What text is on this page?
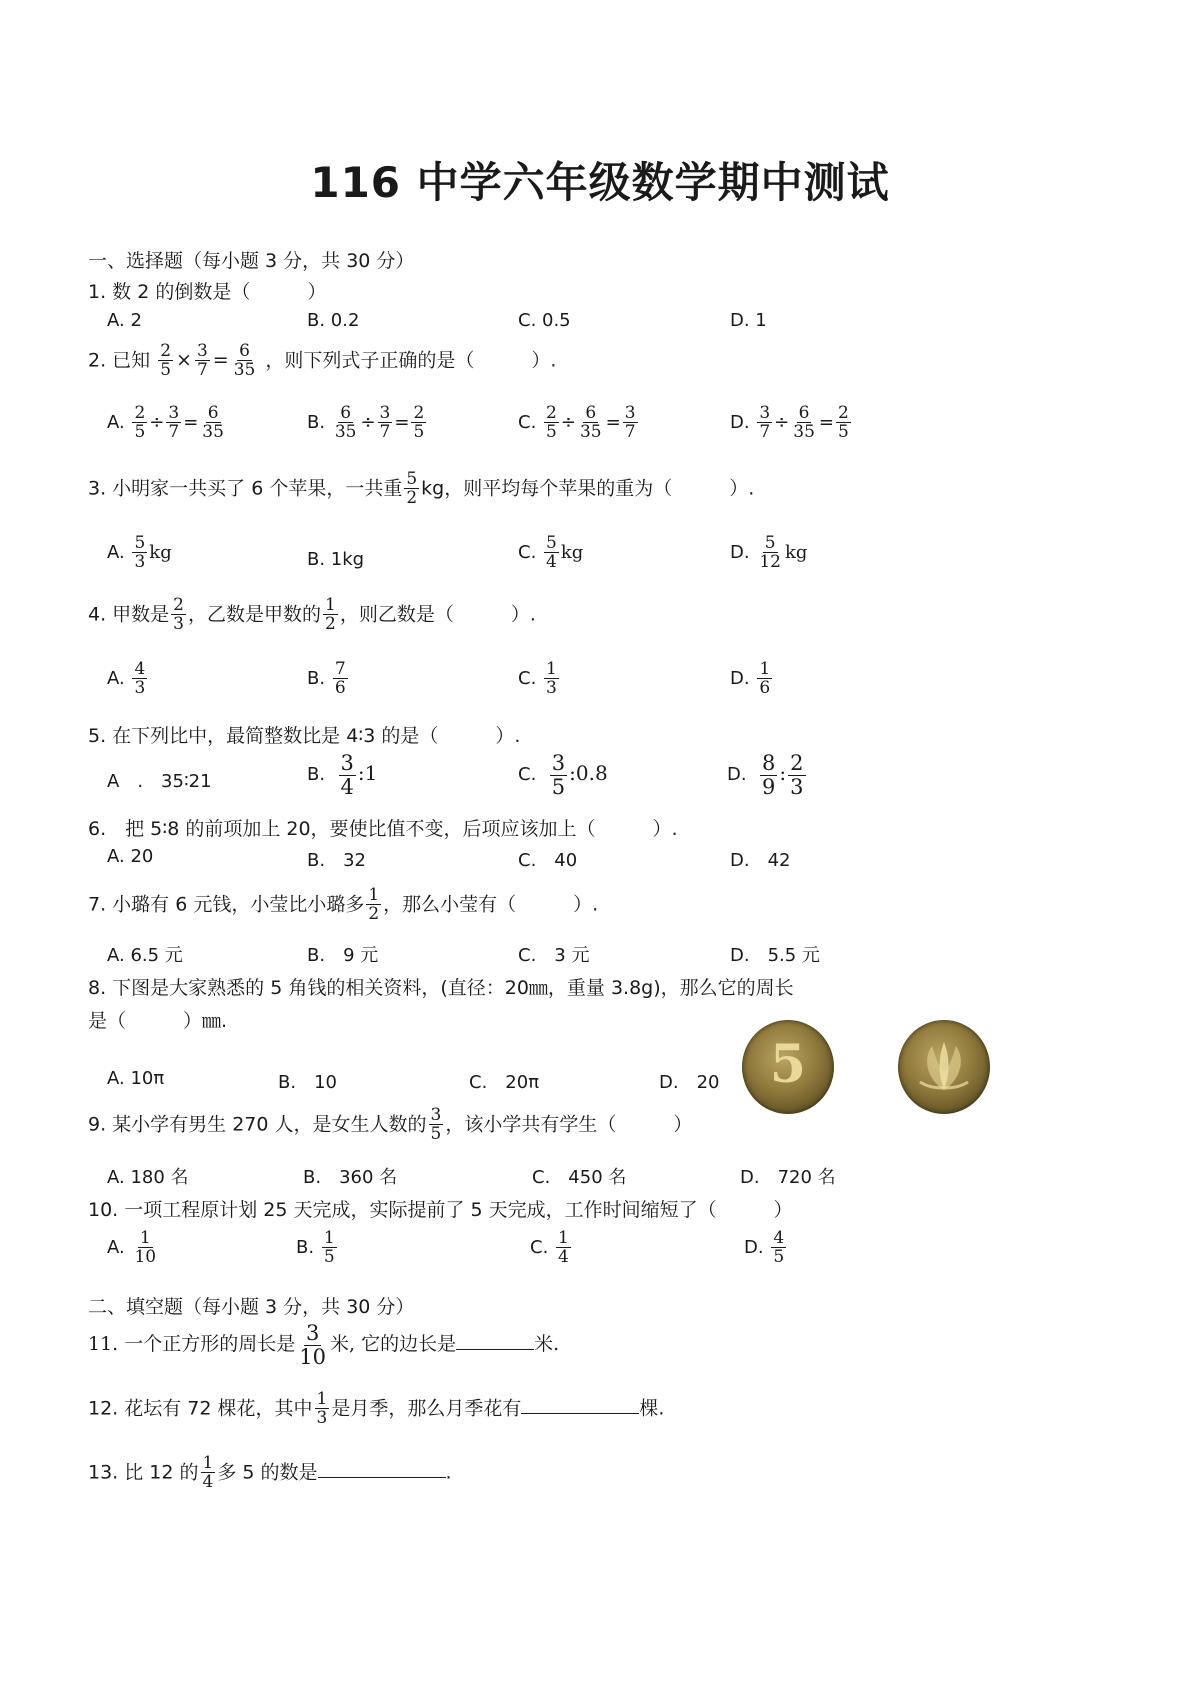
116 中学六年级数学期中测试
一、选择题（每小题 3 分，共 30 分）
1. 数 2 的倒数是（　　　）
A. 2	B. 0.2	C. 0.5	D. 1
2. 已知 $\frac{2}{5} \times \frac{3}{7} = \frac{6}{35}$ ，则下列式子正确的是（　　　）.
A. $\frac{2}{5} \div \frac{3}{7} = \frac{6}{35}$	B. $\frac{6}{35} \div \frac{3}{7} = \frac{2}{5}$	C. $\frac{2}{5} \div \frac{6}{35} = \frac{3}{7}$	D. $\frac{3}{7} \div \frac{6}{35} = \frac{2}{5}$
3. 小明家一共买了 6 个苹果，一共重 $\frac{5}{2}$ kg，则平均每个苹果的重为（　　　）.
A. $\frac{5}{3}$ kg	B. 1kg	C. $\frac{5}{4}$ kg	D. $\frac{5}{12}$ kg
4. 甲数是 $\frac{2}{3}$ ，乙数是甲数的 $\frac{1}{2}$ ，则乙数是（　　　）.
A. $\frac{4}{3}$	B. $\frac{7}{6}$	C. $\frac{1}{3}$	D. $\frac{1}{6}$
5. 在下列比中，最简整数比是 4∶3 的是（　　　）.
A　.　35∶21	B. $\frac{3}{4}$ :1	C. $\frac{3}{5}$ :0.8	D. $\frac{8}{9}$ : $\frac{2}{3}$
6.　把 5∶8 的前项加上 20，要使比值不变，后项应该加上（　　　）.
A. 20	B.　32	C.　40	D.　42
7. 小璐有 6 元钱，小莹比小璐多 $\frac{1}{2}$ ，那么小莹有（　　　）.
A. 6.5 元	B.　9 元	C.　3 元	D.　5.5 元
8. 下图是大家熟悉的 5 角钱的相关资料，(直径：20㎜，重量 3.8g)，那么它的周长
是（　　　）㎜.
A. 10π	B.　10	C.　20π	D.　20 5
9. 某小学有男生 270 人，是女生人数的 $\frac{3}{5}$ ，该小学共有学生（　　　）
A. 180 名	B.　360 名	C.　450 名	D.　720 名
10. 一项工程原计划 25 天完成，实际提前了 5 天完成，工作时间缩短了（　　　）
A. $\frac{1}{10}$	B. $\frac{1}{5}$	C. $\frac{1}{4}$	D. $\frac{4}{5}$
二、填空题（每小题 3 分，共 30 分）
11. 一个正方形的周长是 $\frac{3}{10}$ 米, 它的边长是	米.
12. 花坛有 72 棵花，其中 $\frac{1}{3}$ 是月季，那么月季花有	棵.
13. 比 12 的 $\frac{1}{4}$ 多 5 的数是	.
